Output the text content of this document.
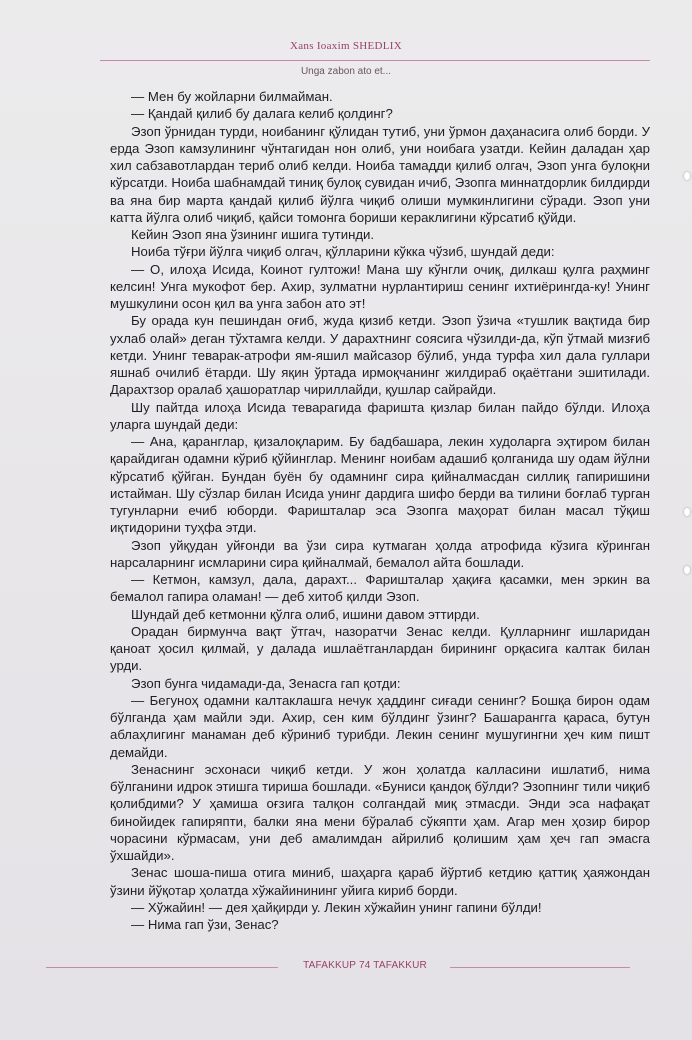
Xans Ioaxim SHEDLIX
Unga zabon ato et...

— Мен бу жойларни билмайман.

— Қандай қилиб бу далага келиб қолдинг?

Эзоп ўрнидан турди, ноибанинг қўлидан тутиб, уни ўрмон даҳанасига олиб борди. У ерда Эзоп камзулининг чўнтагидан нон олиб, уни ноибага узатди. Кейин даладан ҳар хил сабзавотлардан териб олиб келди. Ноиба тамадди қилиб олгач, Эзоп унга булоқни кўрсатди. Ноиба шабнамдай тиниқ булоқ сувидан ичиб, Эзопга миннатдорлик билдирди ва яна бир марта қандай қилиб йўлга чиқиб олиши мумкинлигини сўради. Эзоп уни катта йўлга олиб чиқиб, қайси томонга бориши кераклигини кўрсатиб қўйди.

Кейин Эзоп яна ўзининг ишига тутинди.

Ноиба тўғри йўлга чиқиб олгач, қўлларини кўкка чўзиб, шундай деди:

— О, илоҳа Исида, Коинот гултожи! Мана шу кўнгли очиқ, дилкаш қулга раҳминг келсин! Унга мукофот бер. Ахир, зулматни нурлантириш сенинг ихтиёрингда-ку! Унинг мушкулини осон қил ва унга забон ато эт!

Бу орада кун пешиндан оғиб, жуда қизиб кетди. Эзоп ўзича «тушлик вақтида бир ухлаб олай» деган тўхтамга келди. У дарахтнинг соясига чўзилди-да, кўп ўтмай мизғиб кетди. Унинг теварак-атрофи ям-яшил майсазор бўлиб, унда турфа хил дала гуллари яшнаб очилиб ётарди. Шу яқин ўртада ирмоқчанинг жилдираб оқаётгани эшитилади. Дарахтзор оралаб ҳашоратлар чириллайди, қушлар сайрайди.

Шу пайтда илоҳа Исида теварагида фаришта қизлар билан пайдо бўлди. Илоҳа уларга шундай деди:

— Ана, қаранглар, қизалоқларим. Бу бадбашара, лекин худоларга эҳтиром билан қарайдиган одамни кўриб қўйинглар. Менинг ноибам адашиб қолганида шу одам йўлни кўрсатиб қўйган. Бундан буён бу одамнинг сира қийналмасдан силлиқ гапиришини истайман. Шу сўзлар билан Исида унинг дардига шифо берди ва тилини боғлаб турган тугунларни ечиб юборди. Фаришталар эса Эзопга маҳорат билан масал тўқиш иқтидорини туҳфа этди.

Эзоп уйқудан уйғонди ва ўзи сира кутмаган ҳолда атрофида кўзига кўринган нарсаларнинг исмларини сира қийналмай, бемалол айта бошлади.

— Кетмон, камзул, дала, дарахт... Фаришталар ҳақиға қасамки, мен эркин ва бемалол гапира оламан! — деб хитоб қилди Эзоп.

Шундай деб кетмонни қўлга олиб, ишини давом эттирди.

Орадан бирмунча вақт ўтгач, назоратчи Зенас келди. Қулларнинг ишларидан қаноат ҳосил қилмай, у далада ишлаётганлардан бирининг орқасига калтак билан урди.

Эзоп бунга чидамади-да, Зенасга гап қотди:

— Бегуноҳ одамни калтаклашга нечук ҳаддинг сиғади сенинг? Бошқа бирон одам бўлганда ҳам майли эди. Ахир, сен ким бўлдинг ўзинг? Башарангга қараса, бутун аблаҳлигинг манаман деб кўриниб турибди. Лекин сенинг мушугингни ҳеч ким пишт демайди.

Зенаснинг эсхонаси чиқиб кетди. У жон ҳолатда калласини ишлатиб, нима бўлганини идрок этишга тириша бошлади. «Буниси қандоқ бўлди? Эзопнинг тили чиқиб қолибдими? У ҳамиша оғзига талқон солгандай миқ этмасди. Энди эса нафақат бинойидек гапиряпти, балки яна мени бўралаб сўкяпти ҳам. Агар мен ҳозир бирор чорасини кўрмасам, уни деб амалимдан айрилиб қолишим ҳам ҳеч гап эмасга ўхшайди».

Зенас шоша-пиша отига миниб, шаҳарга қараб йўртиб кетдию қаттиқ ҳаяжондан ўзини йўқотар ҳолатда хўжайинининг уйига кириб борди.

— Хўжайин! — дея ҳайқирди у. Лекин хўжайин унинг гапини бўлди!

— Нима гап ўзи, Зенас?

TAFAKKUP 74 TAFAKKUR
